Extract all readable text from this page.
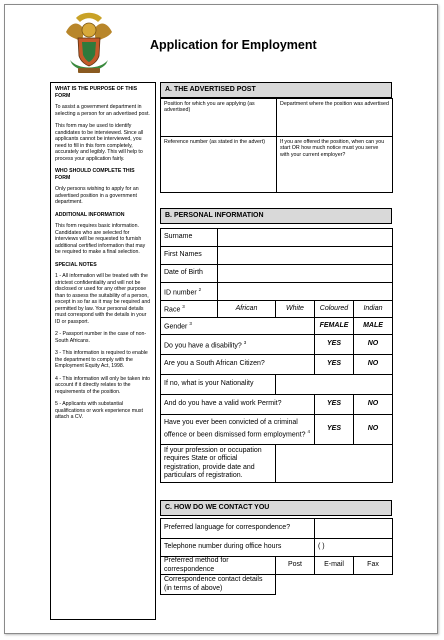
Application for Employment
WHAT IS THE PURPOSE OF THIS FORM

To assist a government department in selecting a person for an advertised post.

This form may be used to identify candidates to be interviewed. Since all applicants cannot be interviewed, you need to fill in this form completely, accurately and legibly. This will help to process your application fairly.

WHO SHOULD COMPLETE THIS FORM

Only persons wishing to apply for an advertised position in a government department.

ADDITIONAL INFORMATION

This form requires basic information. Candidates who are selected for interviews will be requested to furnish additional certified information that may be required to make a final selection.

SPECIAL NOTES

1 - All information will be treated with the strictest confidentiality and will not be disclosed or used for any other purpose than to assess the suitability of a person, except in so far as it may be required and permitted by law. Your personal details must correspond with the details in your ID or passport.

2 - Passport number in the case of non-South Africans.

3 - This information is required to enable the department to comply with the Employment Equity Act, 1998.

4 - This information will only be taken into account if it directly relates to the requirements of the position.

5 - Applicants with substantial qualifications or work experience must attach a CV.

A. THE ADVERTISED POST
Position for which you are applying (as advertised)	Department where the position was advertised
Reference number (as stated in the advert)	If you are offered the position, when can you start OR how much notice must you serve with your current employer?
B. PERSONAL INFORMATION
Surname				
First Names				
Date of Birth				
ID number $^2$	
Race $^3$	African	White	Coloured	Indian
Gender $^3$			FEMALE	MALE
Do you have a disability? $^3$			YES	NO
Are you a South African Citizen?			YES	NO
If no, what is your Nationality				
And do you have a valid work Permit?			YES	NO
Have you ever been convicted of a criminal offence or been dismissed form employment? $^4$			YES	NO
If your profession or occupation requires State or official registration, provide date and particulars of registration.				
C. HOW DO WE CONTACT YOU
Preferred language for correspondence?			
Telephone number during office hours		( )	
Preferred method for correspondence	Post	E-mail	Fax
Correspondence contact details (in terms of above)			
